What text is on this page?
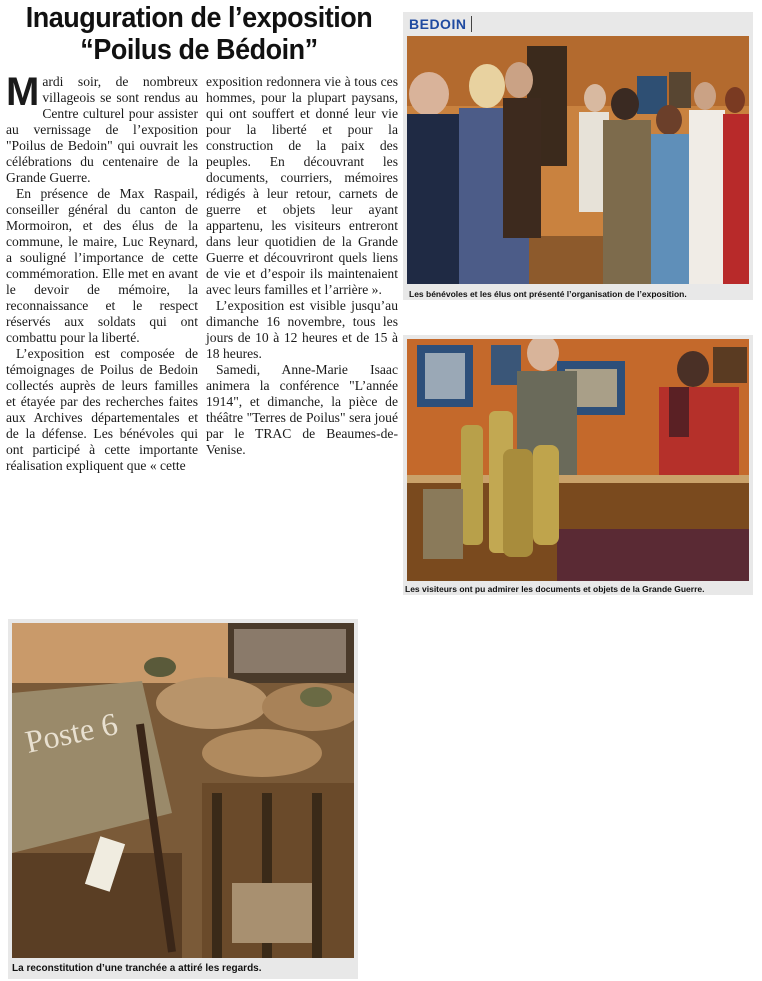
Inauguration de l’exposition
“Poilus de Bédoin”

Mardi soir, de nombreux villageois se sont rendus au Centre culturel pour assister au vernissage de l’exposition "Poilus de Bedoin" qui ouvrait les célébrations du centenaire de la Grande Guerre.

En présence de Max Raspail, conseiller général du canton de Mormoiron, et des élus de la commune, le maire, Luc Reynard, a souligné l’importance de cette commémoration. Elle met en avant le devoir de mémoire, la reconnaissance et le respect réservés aux soldats qui ont combattu pour la liberté.

L’exposition est composée de témoignages de Poilus de Bedoin collectés auprès de leurs familles et étayée par des recherches faites aux Archives départementales et de la défense. Les bénévoles qui ont participé à cette importante réalisation expliquent que « cette

exposition redonnera vie à tous ces hommes, pour la plupart paysans, qui ont souffert et donné leur vie pour la liberté et pour la construction de la paix des peuples. En découvrant les documents, courriers, mémoires rédigés à leur retour, carnets de guerre et objets leur ayant appartenu, les visiteurs entreront dans leur quotidien de la Grande Guerre et découvriront quels liens de vie et d’espoir ils maintenaient avec leurs familles et l’arrière ».

L’exposition est visible jusqu’au dimanche 16 novembre, tous les jours de 10 à 12 heures et de 15 à 18 heures.

Samedi, Anne-Marie Isaac animera la conférence "L’année 1914", et dimanche, la pièce de théâtre "Terres de Poilus" sera joué par le TRAC de Beaumes-de-Venise.

BEDOIN
Les bénévoles et les élus ont présenté l’organisation de l’exposition.
Les visiteurs ont pu admirer les documents et objets de la Grande Guerre.
Poste 6
La reconstitution d’une tranchée a attiré les regards.
